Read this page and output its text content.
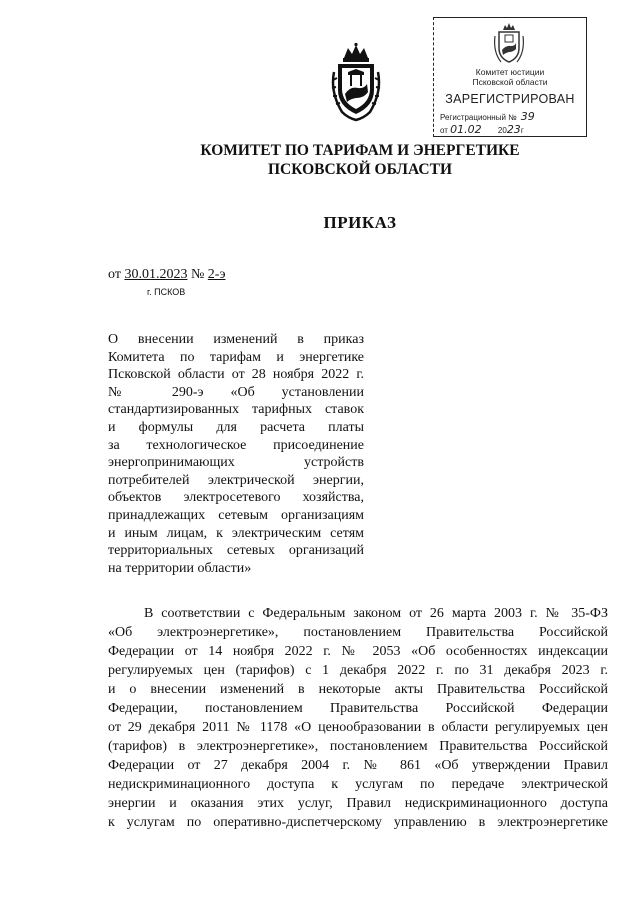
Комитет юстиции
Псковской области
ЗАРЕГИСТРИРОВАН
Регистрационный № 39
от 01.02 2023г
КОМИТЕТ ПО ТАРИФАМ И ЭНЕРГЕТИКЕ
ПСКОВСКОЙ ОБЛАСТИ
ПРИКАЗ
от 30.01.2023 № 2-э
г. ПСКОВ
О внесении изменений в приказ
Комитета по тарифам и энергетике
Псковской области от 28 ноября 2022 г.
№ 290-э «Об установлении
стандартизированных тарифных ставок
и формулы для расчета платы
за технологическое присоединение
энергопринимающих устройств
потребителей электрической энергии,
объектов электросетевого хозяйства,
принадлежащих сетевым организациям
и иным лицам, к электрическим сетям
территориальных сетевых организаций
на территории области»
В соответствии с Федеральным законом от 26 марта 2003 г. № 35-ФЗ
«Об электроэнергетике», постановлением Правительства Российской
Федерации от 14 ноября 2022 г. № 2053 «Об особенностях индексации
регулируемых цен (тарифов) с 1 декабря 2022 г. по 31 декабря 2023 г.
и о внесении изменений в некоторые акты Правительства Российской
Федерации, постановлением Правительства Российской Федерации
от 29 декабря 2011 № 1178 «О ценообразовании в области регулируемых цен
(тарифов) в электроэнергетике», постановлением Правительства Российской
Федерации от 27 декабря 2004 г. № 861 «Об утверждении Правил
недискриминационного доступа к услугам по передаче электрической
энергии и оказания этих услуг, Правил недискриминационного доступа
к услугам по оперативно-диспетчерскому управлению в электроэнергетике
